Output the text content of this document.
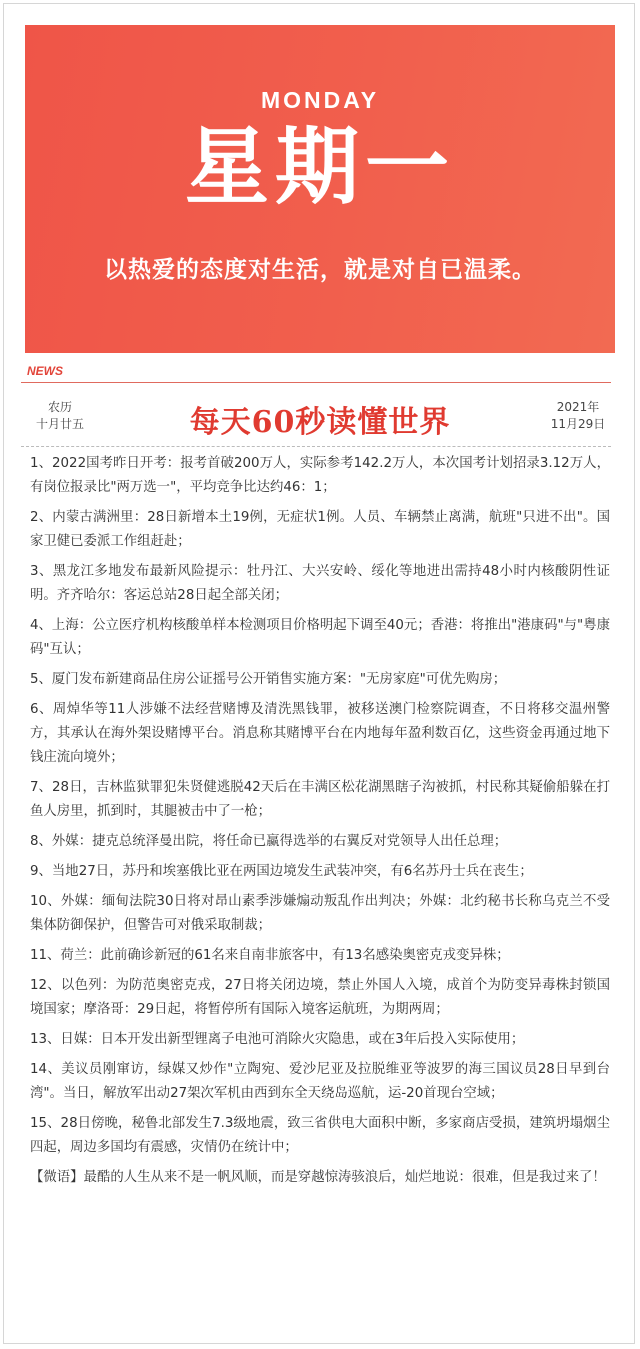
MONDAY
星期一
以热爱的态度对生活，就是对自已温柔。
NEWS
农历
十月廿五	每天60秒读懂世界	2021年
11月29日

1、2022国考昨日开考：报考首破200万人，实际参考142.2万人，本次国考计划招录3.12万人，有岗位报录比"两万选一"，平均竞争比达约46：1；

2、内蒙古满洲里：28日新增本土19例，无症状1例。人员、车辆禁止离满，航班"只进不出"。国家卫健已委派工作组赶赴；

3、黑龙江多地发布最新风险提示：牡丹江、大兴安岭、绥化等地进出需持48小时内核酸阴性证明。齐齐哈尔：客运总站28日起全部关闭；

4、上海：公立医疗机构核酸单样本检测项目价格明起下调至40元；香港：将推出"港康码"与"粤康码"互认；

5、厦门发布新建商品住房公证摇号公开销售实施方案："无房家庭"可优先购房；

6、周焯华等11人涉嫌不法经营赌博及清洗黑钱罪，被移送澳门检察院调查，不日将移交温州警方，其承认在海外架设赌博平台。消息称其赌博平台在内地每年盈利数百亿，这些资金再通过地下钱庄流向境外；

7、28日，吉林监狱罪犯朱贤健逃脱42天后在丰满区松花湖黑瞎子沟被抓，村民称其疑偷船躲在打鱼人房里，抓到时，其腿被击中了一枪；

8、外媒：捷克总统泽曼出院，将任命已赢得选举的右翼反对党领导人出任总理；

9、当地27日，苏丹和埃塞俄比亚在两国边境发生武装冲突，有6名苏丹士兵在丧生；

10、外媒：缅甸法院30日将对昂山素季涉嫌煽动叛乱作出判决；外媒：北约秘书长称乌克兰不受集体防御保护，但警告可对俄采取制裁；

11、荷兰：此前确诊新冠的61名来自南非旅客中，有13名感染奥密克戎变异株；

12、以色列：为防范奥密克戎，27日将关闭边境，禁止外国人入境，成首个为防变异毒株封锁国境国家；摩洛哥：29日起，将暂停所有国际入境客运航班，为期两周；

13、日媒：日本开发出新型锂离子电池可消除火灾隐患，或在3年后投入实际使用；

14、美议员刚窜访，绿媒又炒作"立陶宛、爱沙尼亚及拉脱维亚等波罗的海三国议员28日早到台湾"。当日，解放军出动27架次军机由西到东全天绕岛巡航，运-20首现台空域；

15、28日傍晚，秘鲁北部发生7.3级地震，致三省供电大面积中断，多家商店受损，建筑坍塌烟尘四起，周边多国均有震感，灾情仍在统计中；

【微语】最酷的人生从来不是一帆风顺，而是穿越惊涛骇浪后，灿烂地说：很难，但是我过来了！
